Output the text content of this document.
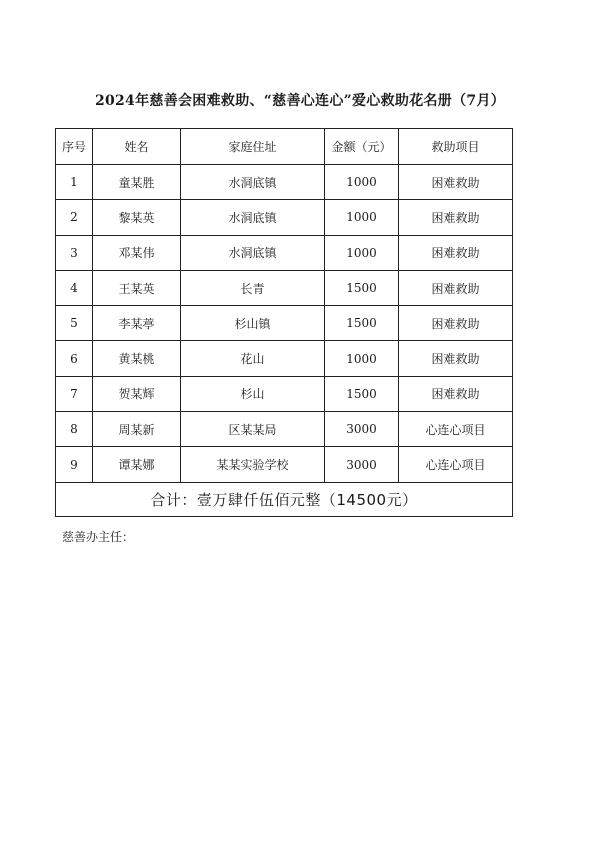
2024年慈善会困难救助、“慈善心连心”爱心救助花名册（7月）
序号	姓名	家庭住址	金额（元）	救助项目
1	童某胜	水洞底镇	1000	困难救助
2	黎某英	水洞底镇	1000	困难救助
3	邓某伟	水洞底镇	1000	困难救助
4	王某英	长青	1500	困难救助
5	李某葶	杉山镇	1500	困难救助
6	黄某桃	花山	1000	困难救助
7	贺某辉	杉山	1500	困难救助
8	周某新	区某某局	3000	心连心项目
9	谭某娜	某某实验学校	3000	心连心项目
合计：壹万肆仟伍佰元整（14500元）				
慈善办主任：
